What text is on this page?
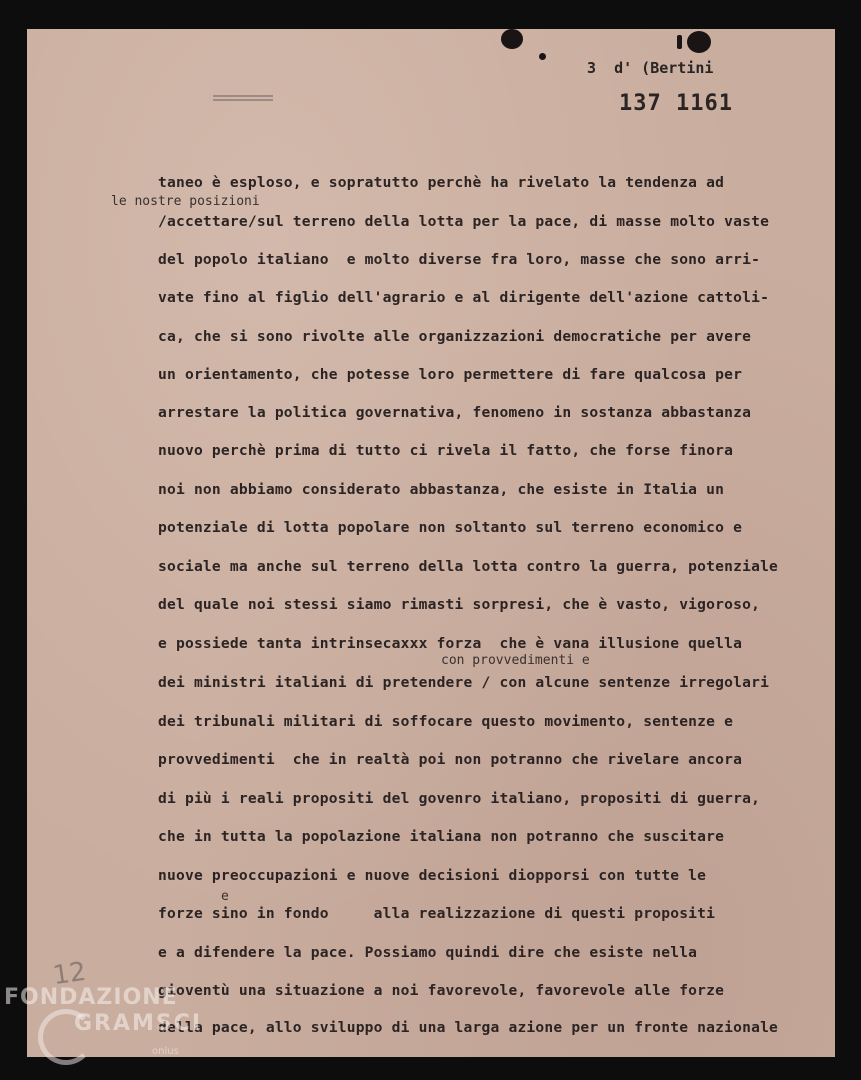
3  d' (Bertini
137 1161
taneo è esploso, e sopratutto perchè ha rivelato la tendenza ad
le nostre posizioni
/accettare/sul terreno della lotta per la pace, di masse molto vaste
del popolo italiano  e molto diverse fra loro, masse che sono arri-
vate fino al figlio dell'agrario e al dirigente dell'azione cattoli-
ca, che si sono rivolte alle organizzazioni democratiche per avere
un orientamento, che potesse loro permettere di fare qualcosa per
arrestare la politica governativa, fenomeno in sostanza abbastanza
nuovo perchè prima di tutto ci rivela il fatto, che forse finora
noi non abbiamo considerato abbastanza, che esiste in Italia un
potenziale di lotta popolare non soltanto sul terreno economico e
sociale ma anche sul terreno della lotta contro la guerra, potenziale
del quale noi stessi siamo rimasti sorpresi, che è vasto, vigoroso,
e possiede tanta intrinsecaxxx forza  che è vana illusione quella
con provvedimenti e
dei ministri italiani di pretendere / con alcune sentenze irregolari
dei tribunali militari di soffocare questo movimento, sentenze e
provvedimenti  che in realtà poi non potranno che rivelare ancora
di più i reali propositi del govenro italiano, propositi di guerra,
che in tutta la popolazione italiana non potranno che suscitare
nuove preoccupazioni e nuove decisioni diopporsi con tutte le
e
forze sino in fondo     alla realizzazione di questi propositi
e a difendere la pace. Possiamo quindi dire che esiste nella
gioventù una situazione a noi favorevole, favorevole alle forze
della pace, allo sviluppo di una larga azione per un fronte nazionale
12
FONDAZIONE
GRAMSCI
onlus
